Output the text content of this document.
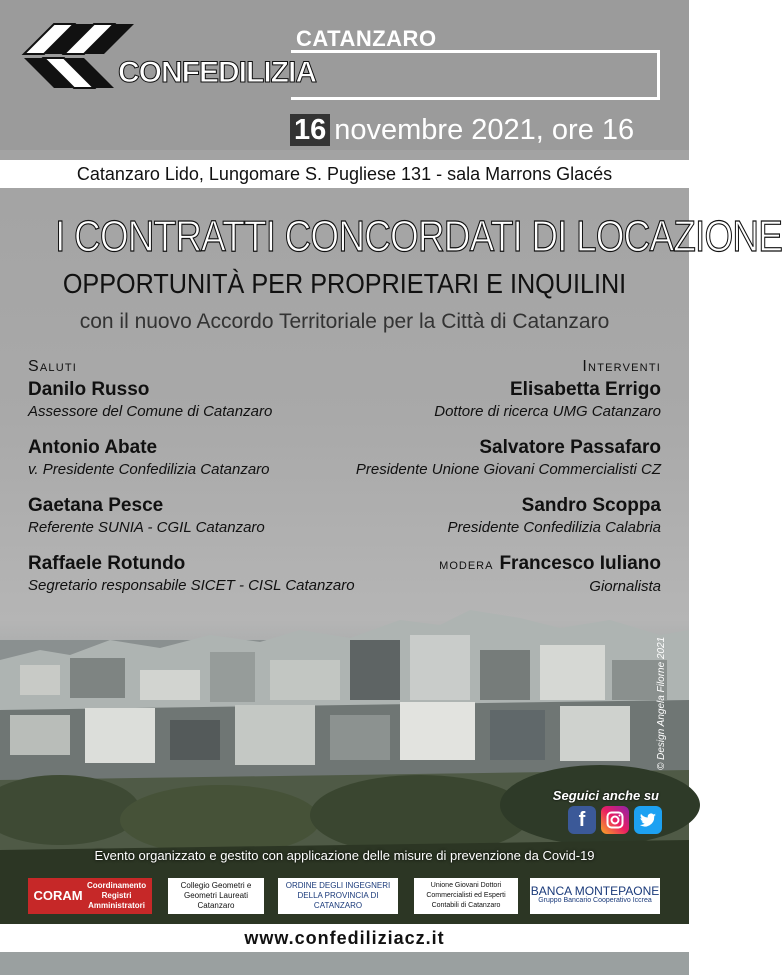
CONFEDILIZIA
CATANZARO
16 novembre 2021, ore 16
Catanzaro Lido, Lungomare S. Pugliese 131 - sala Marrons Glacés
I CONTRATTI CONCORDATI DI LOCAZIONE
OPPORTUNITÀ PER PROPRIETARI E INQUILINI
con il nuovo Accordo Territoriale per la Città di Catanzaro
Saluti
Danilo Russo
Assessore del Comune di Catanzaro
Antonio Abate
v. Presidente Confedilizia Catanzaro
Gaetana Pesce
Referente SUNIA - CGIL Catanzaro
Raffaele Rotundo
Segretario responsabile SICET - CISL Catanzaro
Interventi
Elisabetta Errigo
Dottore di ricerca UMG Catanzaro
Salvatore Passafaro
Presidente Unione Giovani Commercialisti CZ
Sandro Scoppa
Presidente Confedilizia Calabria
modera Francesco Iuliano
Giornalista
© Design Angela Filorne 2021
Seguici anche su
f
Evento organizzato e gestito con applicazione delle misure di prevenzione da Covid-19
CORAM
Coordinamento Registri Amministratori
Collegio Geometri e Geometri Laureati Catanzaro
ORDINE DEGLI INGEGNERI DELLA PROVINCIA DI CATANZARO
Unione Giovani Dottori Commercialisti ed Esperti Contabili di Catanzaro
BANCA MONTEPAONE
Gruppo Bancario Cooperativo Iccrea
www.confediliziacz.it
